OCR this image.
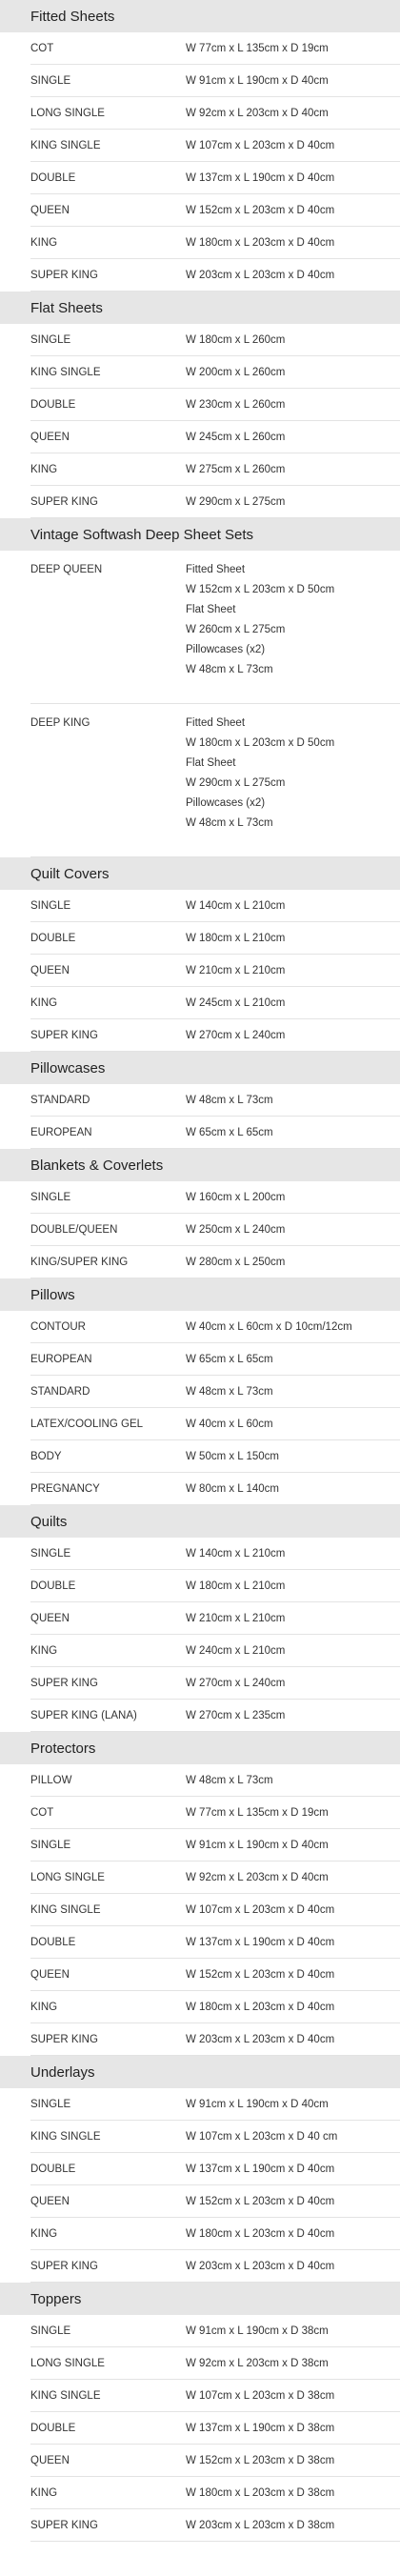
Fitted Sheets
COT	W 77cm x L 135cm x D 19cm
SINGLE	W 91cm x L 190cm x D 40cm
LONG SINGLE	W 92cm x L 203cm x D 40cm
KING SINGLE	W 107cm x L 203cm x D 40cm
DOUBLE	W 137cm x L 190cm x D 40cm
QUEEN	W 152cm x L 203cm x D 40cm
KING	W 180cm x L 203cm x D 40cm
SUPER KING	W 203cm x L 203cm x D 40cm
Flat Sheets
SINGLE	W 180cm x L 260cm
KING SINGLE	W 200cm x L 260cm
DOUBLE	W 230cm x L 260cm
QUEEN	W 245cm x L 260cm
KING	W 275cm x L 260cm
SUPER KING	W 290cm x L 275cm
Vintage Softwash Deep Sheet Sets
DEEP QUEEN	Fitted Sheet
W 152cm x L 203cm x D 50cm
Flat Sheet
W 260cm x L 275cm
Pillowcases (x2)
W 48cm x L 73cm
DEEP KING	Fitted Sheet
W 180cm x L 203cm x D 50cm
Flat Sheet
W 290cm x L 275cm
Pillowcases (x2)
W 48cm x L 73cm
Quilt Covers
SINGLE	W 140cm x L 210cm
DOUBLE	W 180cm x L 210cm
QUEEN	W 210cm x L 210cm
KING	W 245cm x L 210cm
SUPER KING	W 270cm x L 240cm
Pillowcases
STANDARD	W 48cm x L 73cm
EUROPEAN	W 65cm x L 65cm
Blankets & Coverlets
SINGLE	W 160cm x L 200cm
DOUBLE/QUEEN	W 250cm x L 240cm
KING/SUPER KING	W 280cm x L 250cm
Pillows
CONTOUR	W 40cm x L 60cm x D 10cm/12cm
EUROPEAN	W 65cm x L 65cm
STANDARD	W 48cm x L 73cm
LATEX/COOLING GEL	W 40cm x L 60cm
BODY	W 50cm x L 150cm
PREGNANCY	W 80cm x L 140cm
Quilts
SINGLE	W 140cm x L 210cm
DOUBLE	W 180cm x L 210cm
QUEEN	W 210cm x L 210cm
KING	W 240cm x L 210cm
SUPER KING	W 270cm x L 240cm
SUPER KING (LANA)	W 270cm x L 235cm
Protectors
PILLOW	W 48cm x L 73cm
COT	W 77cm x L 135cm x D 19cm
SINGLE	W 91cm x L 190cm x D 40cm
LONG SINGLE	W 92cm x L 203cm x D 40cm
KING SINGLE	W 107cm x L 203cm x D 40cm
DOUBLE	W 137cm x L 190cm x D 40cm
QUEEN	W 152cm x L 203cm x D 40cm
KING	W 180cm x L 203cm x D 40cm
SUPER KING	W 203cm x L 203cm x D 40cm
Underlays
SINGLE	W 91cm x L 190cm x D 40cm
KING SINGLE	W 107cm x L 203cm x D 40 cm
DOUBLE	W 137cm x L 190cm x D 40cm
QUEEN	W 152cm x L 203cm x D 40cm
KING	W 180cm x L 203cm x D 40cm
SUPER KING	W 203cm x L 203cm x D 40cm
Toppers
SINGLE	W 91cm x L 190cm x D 38cm
LONG SINGLE	W 92cm x L 203cm x D 38cm
KING SINGLE	W 107cm x L 203cm x D 38cm
DOUBLE	W 137cm x L 190cm x D 38cm
QUEEN	W 152cm x L 203cm x D 38cm
KING	W 180cm x L 203cm x D 38cm
SUPER KING	W 203cm x L 203cm x D 38cm
